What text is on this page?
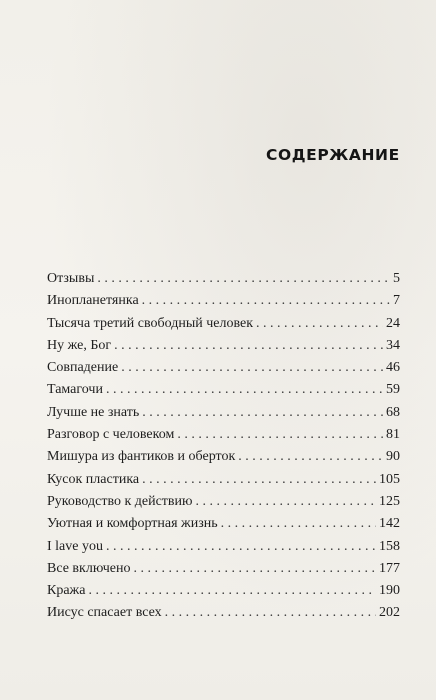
СОДЕРЖАНИЕ
Отзывы . . .	5
Инопланетянка . . .	7
Тысяча третий свободный человек . . .	24
Ну же, Бог . . .	34
Совпадение . . .	46
Тамагочи . . .	59
Лучше не знать . . .	68
Разговор с человеком . . .	81
Мишура из фантиков и оберток . . .	90
Кусок пластика . . .	105
Руководство к действию . . .	125
Уютная и комфортная жизнь . . .	142
I lave you . . .	158
Все включено . . .	177
Кража . . .	190
Иисус спасает всех . . .	202
